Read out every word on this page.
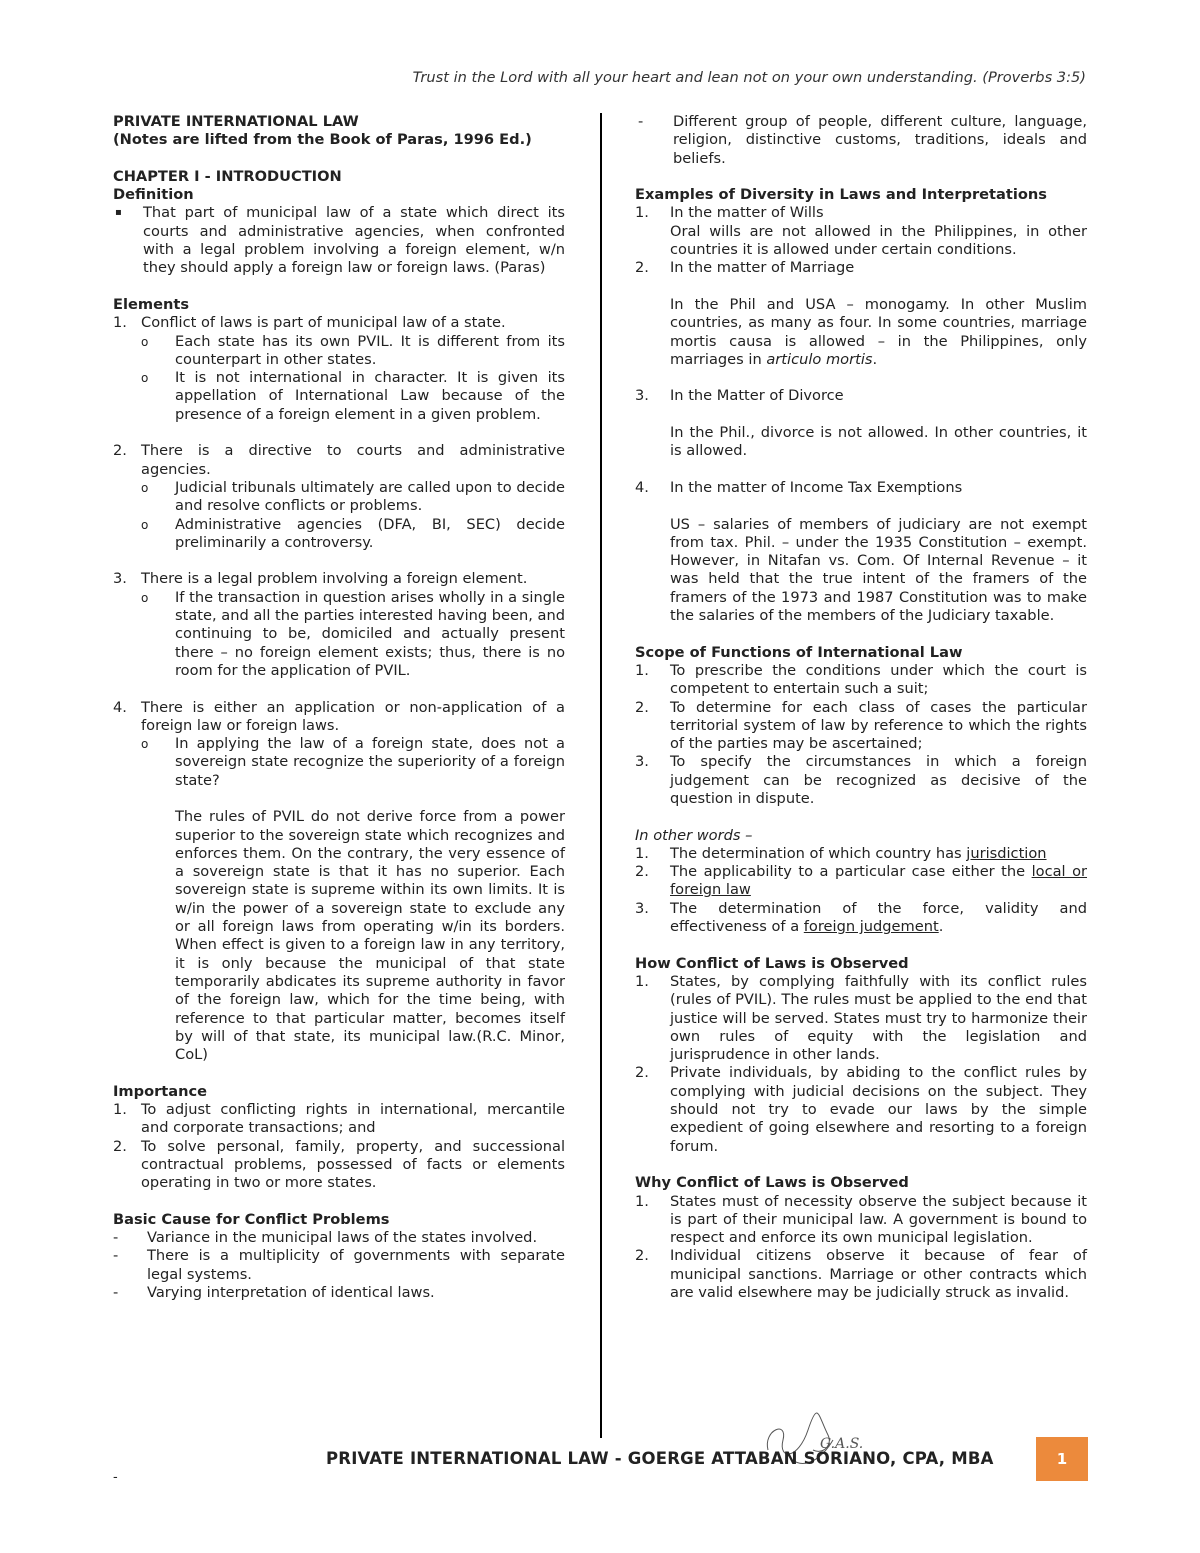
Trust in the Lord with all your heart and lean not on your own understanding. (Proverbs 3:5)
PRIVATE INTERNATIONAL LAW
(Notes are lifted from the Book of Paras, 1996 Ed.)
CHAPTER I - INTRODUCTION
Definition
▪	That part of municipal law of a state which direct its courts and administrative agencies, when confronted with a legal problem involving a foreign element, w/n they should apply a foreign law or foreign laws. (Paras)
Elements
1. Conflict of laws is part of municipal law of a state.
o	Each state has its own PVIL. It is different from its counterpart in other states.
o	It is not international in character. It is given its appellation of International Law because of the presence of a foreign element in a given problem.
2. There is a directive to courts and administrative agencies.
o	Judicial tribunals ultimately are called upon to decide and resolve conflicts or problems.
o	Administrative agencies (DFA, BI, SEC) decide preliminarily a controversy.
3. There is a legal problem involving a foreign element.
o	If the transaction in question arises wholly in a single state, and all the parties interested having been, and continuing to be, domiciled and actually present there – no foreign element exists; thus, there is no room for the application of PVIL.
4. There is either an application or non-application of a foreign law or foreign laws.
o	In applying the law of a foreign state, does not a sovereign state recognize the superiority of a foreign state?

The rules of PVIL do not derive force from a power superior to the sovereign state which recognizes and enforces them. On the contrary, the very essence of a sovereign state is that it has no superior. Each sovereign state is supreme within its own limits. It is w/in the power of a sovereign state to exclude any or all foreign laws from operating w/in its borders. When effect is given to a foreign law in any territory, it is only because the municipal of that state temporarily abdicates its supreme authority in favor of the foreign law, which for the time being, with reference to that particular matter, becomes itself by will of that state, its municipal law.(R.C. Minor, CoL)

Importance
1. To adjust conflicting rights in international, mercantile and corporate transactions; and
2. To solve personal, family, property, and successional contractual problems, possessed of facts or elements operating in two or more states.
Basic Cause for Conflict Problems
-	Variance in the municipal laws of the states involved.
-	There is a multiplicity of governments with separate legal systems.
-	Varying interpretation of identical laws.
-	Different group of people, different culture, language, religion, distinctive customs, traditions, ideals and beliefs.
Examples of Diversity in Laws and Interpretations
1.	In the matter of Wills

Oral wills are not allowed in the Philippines, in other countries it is allowed under certain conditions.

2.	In the matter of Marriage

In the Phil and USA – monogamy. In other Muslim countries, as many as four. In some countries, marriage mortis causa is allowed – in the Philippines, only marriages in articulo mortis.

3.	In the Matter of Divorce

In the Phil., divorce is not allowed. In other countries, it is allowed.

4.	In the matter of Income Tax Exemptions

US – salaries of members of judiciary are not exempt from tax. Phil. – under the 1935 Constitution – exempt. However, in Nitafan vs. Com. Of Internal Revenue – it was held that the true intent of the framers of the framers of the 1973 and 1987 Constitution was to make the salaries of the members of the Judiciary taxable.

Scope of Functions of International Law
1.	To prescribe the conditions under which the court is competent to entertain such a suit;
2.	To determine for each class of cases the particular territorial system of law by reference to which the rights of the parties may be ascertained;
3.	To specify the circumstances in which a foreign judgement can be recognized as decisive of the question in dispute.
In other words –
1.	The determination of which country has jurisdiction
2.	The applicability to a particular case either the local or foreign law
3.	The determination of the force, validity and effectiveness of a foreign judgement.
How Conflict of Laws is Observed
1.	States, by complying faithfully with its conflict rules (rules of PVIL). The rules must be applied to the end that justice will be served. States must try to harmonize their own rules of equity with the legislation and jurisprudence in other lands.
2.	Private individuals, by abiding to the conflict rules by complying with judicial decisions on the subject. They should not try to evade our laws by the simple expedient of going elsewhere and resorting to a foreign forum.
Why Conflict of Laws is Observed
1.	States must of necessity observe the subject because it is part of their municipal law. A government is bound to respect and enforce its own municipal legislation.
2.	Individual citizens observe it because of fear of municipal sanctions. Marriage or other contracts which are valid elsewhere may be judicially struck as invalid.
G.A.S.
PRIVATE INTERNATIONAL LAW - GOERGE ATTABAN SORIANO, CPA, MBA	1
-
